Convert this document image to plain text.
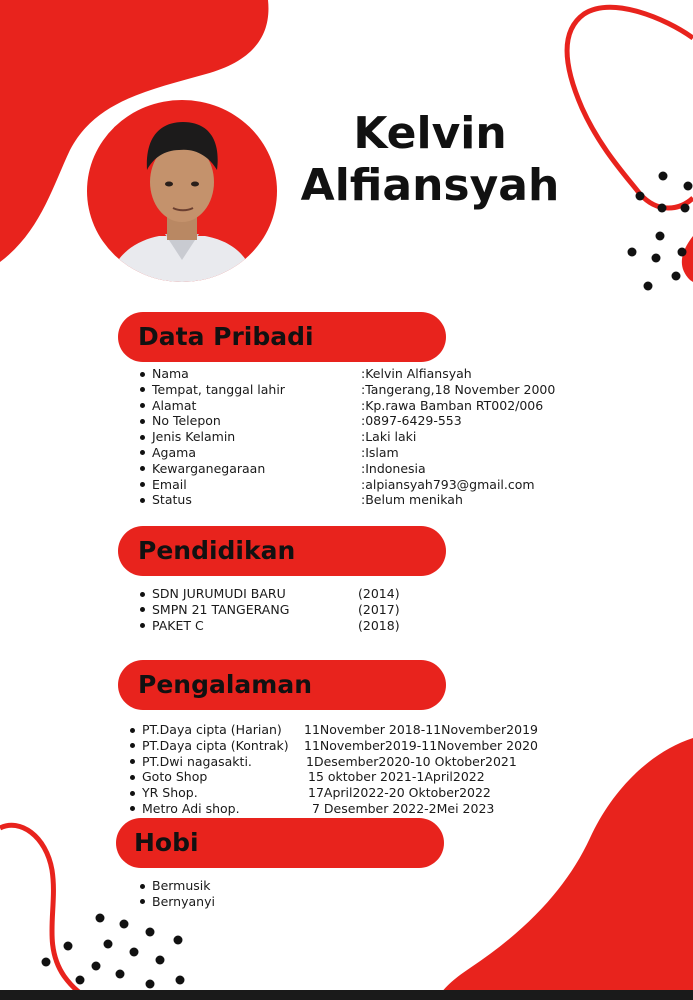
Kelvin
Alfiansyah
Data Pribadi
Nama	:Kelvin Alfiansyah
Tempat, tanggal lahir	:Tangerang,18 November 2000
Alamat	:Kp.rawa Bamban RT002/006
No Telepon	:0897-6429-553
Jenis Kelamin	:Laki laki
Agama	:Islam
Kewarganegaraan	:Indonesia
Email	:alpiansyah793@gmail.com
Status	:Belum menikah
Pendidikan
SDN JURUMUDI BARU	(2014)
SMPN 21 TANGERANG	(2017)
PAKET C	(2018)
Pengalaman
PT.Daya cipta (Harian) 11November 2018-11November2019
PT.Daya cipta (Kontrak) 11November2019-11November 2020
PT.Dwi nagasakti.	1Desember2020-10 Oktober2021
Goto Shop	15 oktober 2021-1April2022
YR Shop.	17April2022-20 Oktober2022
Metro Adi shop.	7 Desember 2022-2Mei 2023
Hobi
Bermusik
Bernyanyi
